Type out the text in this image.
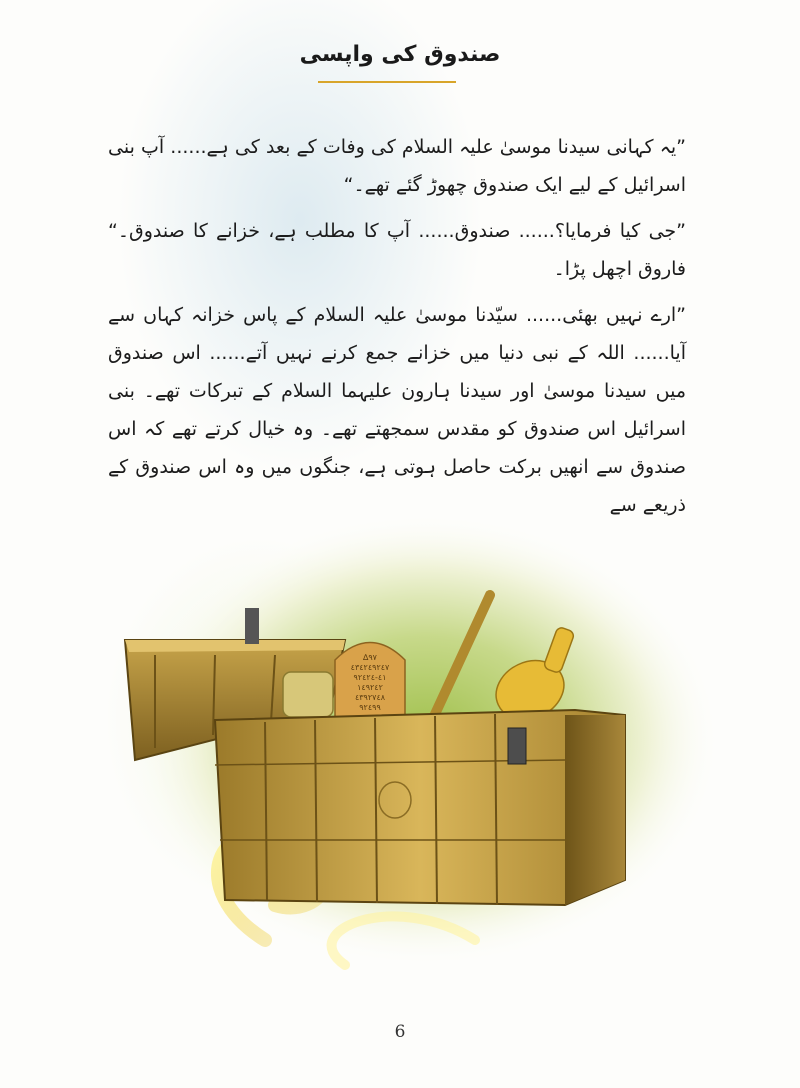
صندوق کی واپسی

”یہ کہانی سیدنا موسیٰ علیہ السلام کی وفات کے بعد کی ہے...... آپ بنی اسرائیل کے لیے ایک صندوق چھوڑ گئے تھے۔“

”جی کیا فرمایا؟...... صندوق...... آپ کا مطلب ہے، خزانے کا صندوق۔“ فاروق اچھل پڑا۔

”ارے نہیں بھئی...... سیّدنا موسیٰ علیہ السلام کے پاس خزانہ کہاں سے آیا...... اللہ کے نبی دنیا میں خزانے جمع کرنے نہیں آتے...... اس صندوق میں سیدنا موسیٰ اور سیدنا ہارون علیہما السلام کے تبرکات تھے۔ بنی اسرائیل اس صندوق کو مقدس سمجھتے تھے۔ وہ خیال کرتے تھے کہ اس صندوق سے انھیں برکت حاصل ہوتی ہے، جنگوں میں وہ اس صندوق کے ذریعے سے

∆۹۷ ٤٣٤٢٤٩٢٤٧ ٤١-٩٢٤٢٤ ١٤٩٢٤٢ ٤٣٩٢٧٤٨ ٩٢٤٩٩
6
